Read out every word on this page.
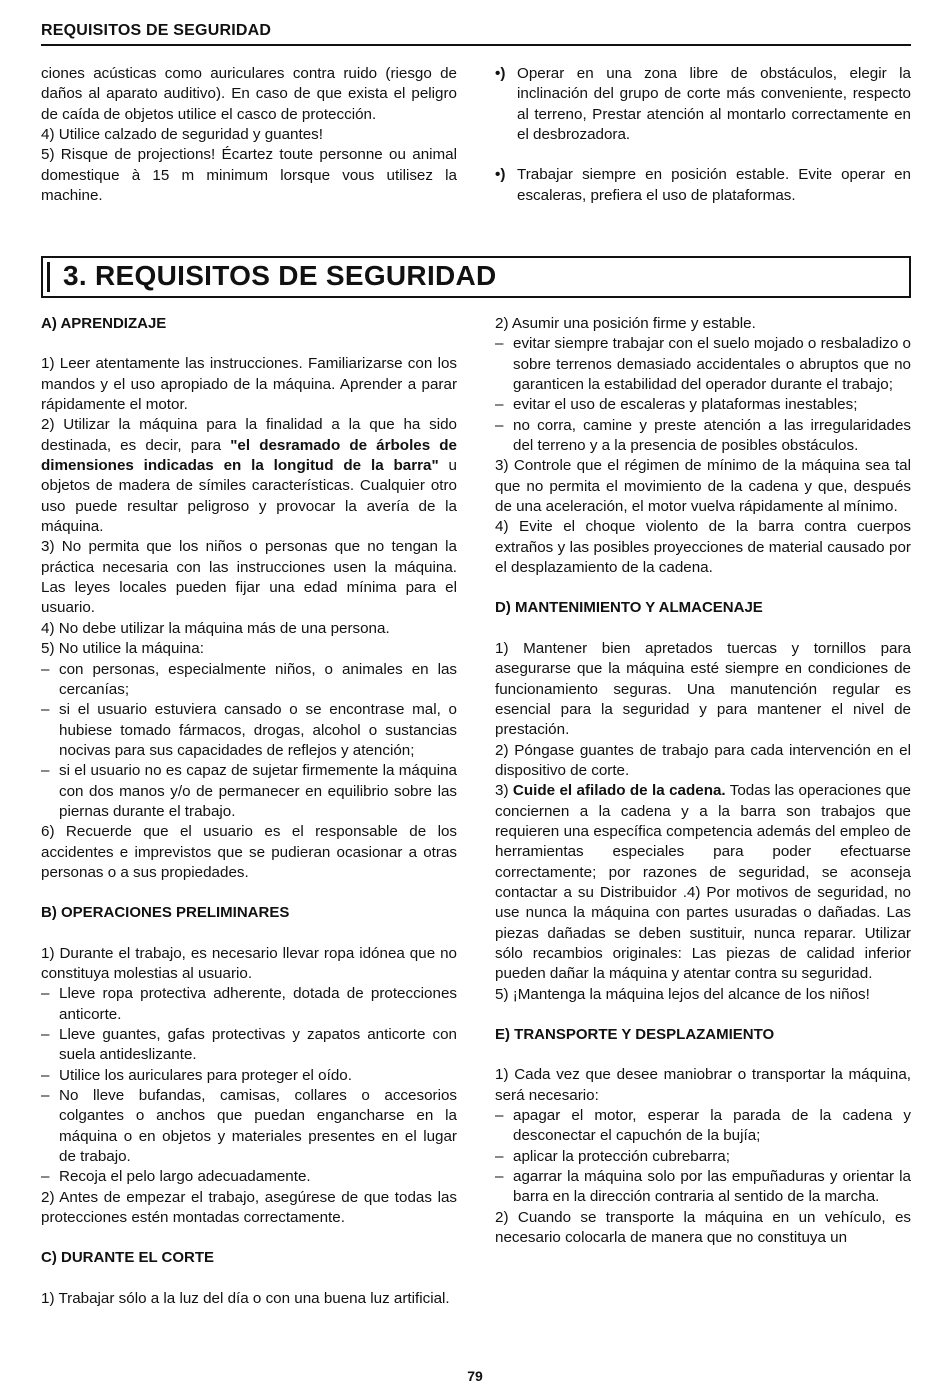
REQUISITOS DE SEGURIDAD

ciones acústicas como auriculares contra ruido (riesgo de daños al aparato auditivo). En caso de que exista el peligro de caída de objetos utilice el casco de protección.

4) Utilice calzado de seguridad y guantes!

5) Risque de projections! Écartez toute personne ou animal domestique à 15 m minimum lorsque vous utilisez la machine.

•) Operar en una zona libre de obstáculos, elegir la inclinación del grupo de corte más conveniente, respecto al terreno, Prestar atención al montarlo correctamente en el desbrozadora.
•) Trabajar siempre en posición estable. Evite operar en escaleras, prefiera el uso de plataformas.
3. REQUISITOS DE SEGURIDAD
A) APRENDIZAJE

1) Leer atentamente las instrucciones. Familiarizarse con los mandos y el uso apropiado de la máquina. Aprender a parar rápidamente el motor.

2) Utilizar la máquina para la finalidad a la que ha sido destinada, es decir, para "el desramado de árboles de dimensiones indicadas en la longitud de la barra" u objetos de madera de símiles características. Cualquier otro uso puede resultar peligroso y provocar la avería de la máquina.

3) No permita que los niños o personas que no tengan la práctica necesaria con las instrucciones usen la máquina. Las leyes locales pueden fijar una edad mínima para el usuario.

4) No debe utilizar la máquina más de una persona.

5) No utilice la máquina:

– con personas, especialmente niños, o animales en las cercanías;
– si el usuario estuviera cansado o se encontrase mal, o hubiese tomado fármacos, drogas, alcohol o sustancias nocivas para sus capacidades de reflejos y atención;
– si el usuario no es capaz de sujetar firmemente la máquina con dos manos y/o de permanecer en equilibrio sobre las piernas durante el trabajo.

6) Recuerde que el usuario es el responsable de los accidentes e imprevistos que se pudieran ocasionar a otras personas o a sus propiedades.

B) OPERACIONES PRELIMINARES

1) Durante el trabajo, es necesario llevar ropa idónea que no constituya molestias al usuario.

– Lleve ropa protectiva adherente, dotada de protecciones anticorte.
– Lleve guantes, gafas protectivas y zapatos anticorte con suela antideslizante.
– Utilice los auriculares para proteger el oído.
– No lleve bufandas, camisas, collares o accesorios colgantes o anchos que puedan engancharse en la máquina o en objetos y materiales presentes en el lugar de trabajo.
– Recoja el pelo largo adecuadamente.

2) Antes de empezar el trabajo, asegúrese de que todas las protecciones estén montadas correctamente.

C) DURANTE EL CORTE

1) Trabajar sólo a la luz del día o con una buena luz artificial.

2) Asumir una posición firme y estable.

– evitar siempre trabajar con el suelo mojado o resbaladizo o sobre terrenos demasiado accidentales o abruptos que no garanticen la estabilidad del operador durante el trabajo;
– evitar el uso de escaleras y plataformas inestables;
– no corra, camine y preste atención a las irregularidades del terreno y a la presencia de posibles obstáculos.

3) Controle que el régimen de mínimo de la máquina sea tal que no permita el movimiento de la cadena y que, después de una aceleración, el motor vuelva rápidamente al mínimo.

4) Evite el choque violento de la barra contra cuerpos extraños y las posibles proyecciones de material causado por el desplazamiento de la cadena.

D) MANTENIMIENTO Y ALMACENAJE

1) Mantener bien apretados tuercas y tornillos para asegurarse que la máquina esté siempre en condiciones de funcionamiento seguras. Una manutención regular es esencial para la seguridad y para mantener el nivel de prestación.

2) Póngase guantes de trabajo para cada intervención en el dispositivo de corte.

3) Cuide el afilado de la cadena. Todas las operaciones que conciernen a la cadena y a la barra son trabajos que requieren una específica competencia además del empleo de herramientas especiales para poder efectuarse correctamente; por razones de seguridad, se aconseja contactar a su Distribuidor .4) Por motivos de seguridad, no use nunca la máquina con partes usuradas o dañadas. Las piezas dañadas se deben sustituir, nunca reparar. Utilizar sólo recambios originales: Las piezas de calidad inferior pueden dañar la máquina y atentar contra su seguridad.

5) ¡Mantenga la máquina lejos del alcance de los niños!

E) TRANSPORTE Y DESPLAZAMIENTO

1) Cada vez que desee maniobrar o transportar la máquina, será necesario:

– apagar el motor, esperar la parada de la cadena y desconectar el capuchón de la bujía;
– aplicar la protección cubrebarra;
– agarrar la máquina solo por las empuñaduras y orientar la barra en la dirección contraria al sentido de la marcha.

2) Cuando se transporte la máquina en un vehículo, es necesario colocarla de manera que no constituya un

79
